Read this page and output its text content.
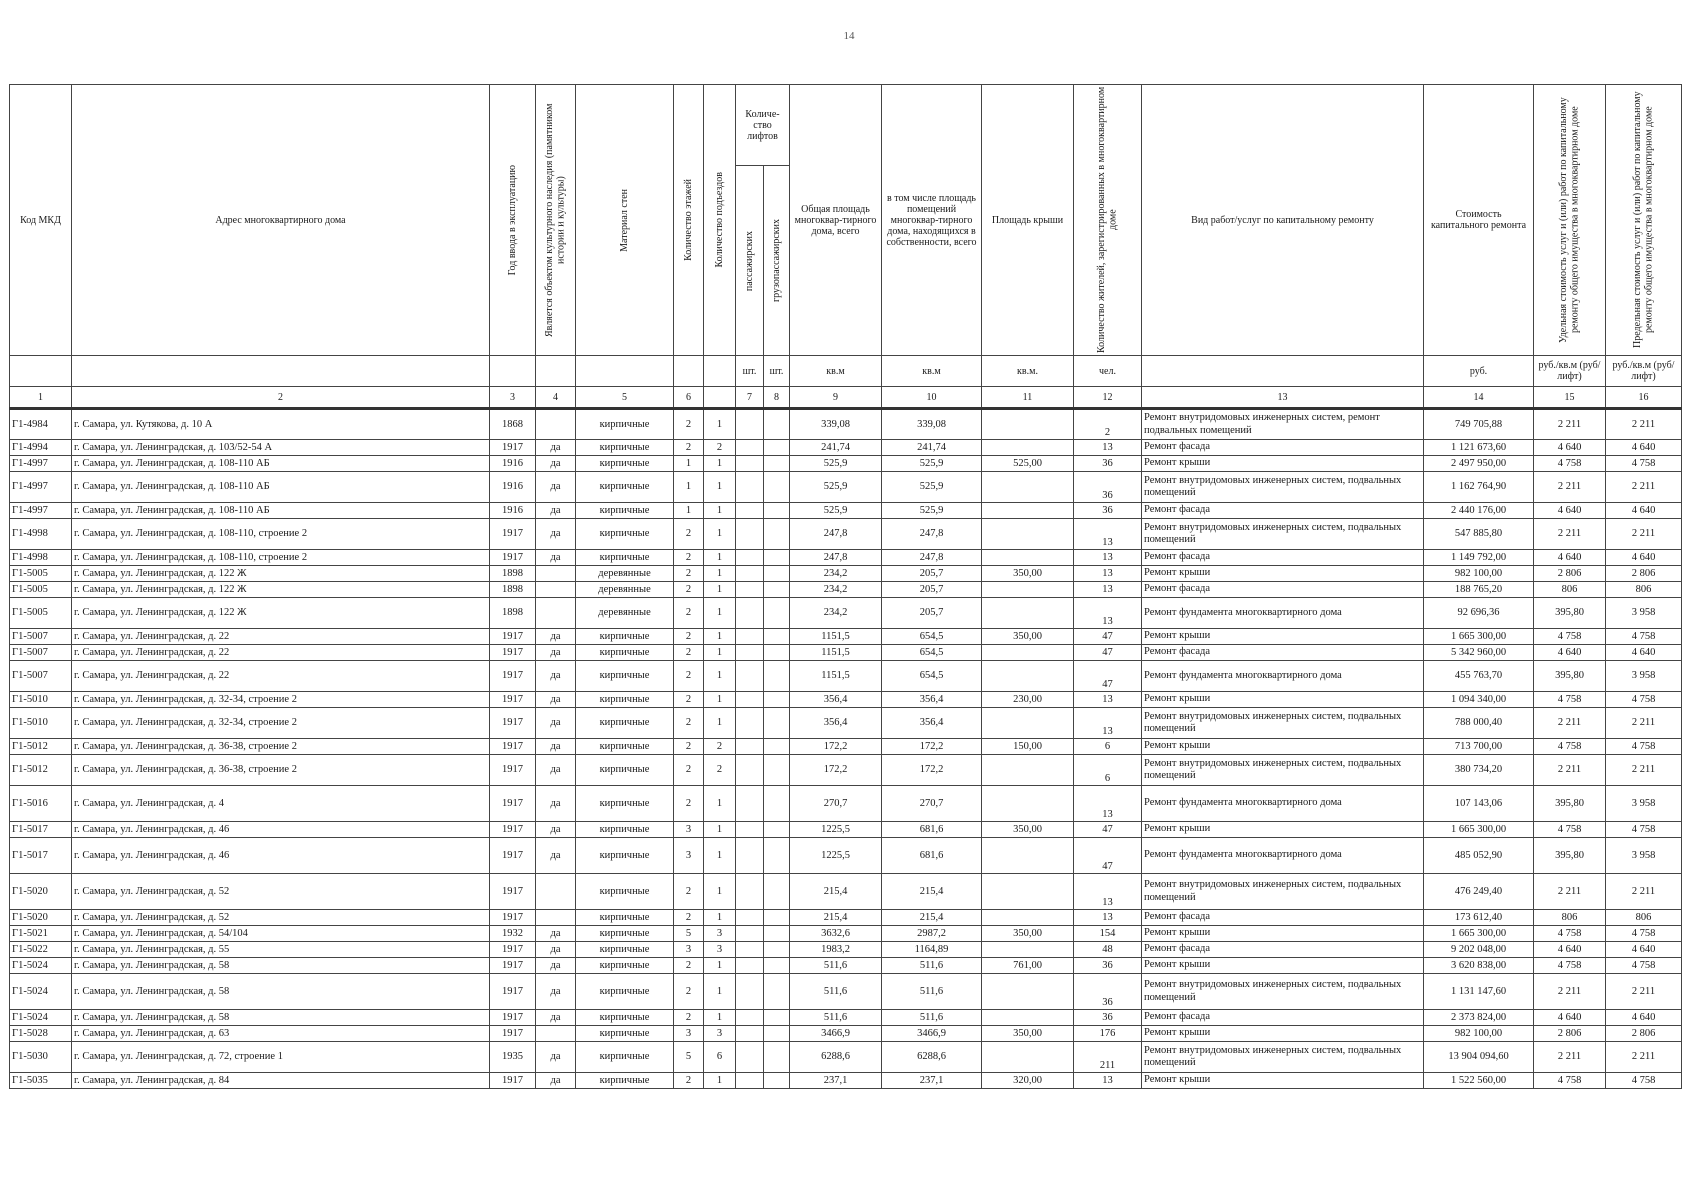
14
Код МКД	Адрес многоквартирного дома	Год ввода в эксплуатацию	Является объектом культурного наследия (памятником истории и культуры)	Материал стен	Количество этажей	Количество подъездов	Количе-ство лифтов		Общая площадь многоквар-тирного дома, всего	в том числе площадь помещений многоквар-тирного дома, находящихся в собственности, всего	Площадь крыши	Количество жителей, зарегистрированных в многоквартирном доме	Вид работ/услуг по капитальному ремонту	Стоимость капитального ремонта	Удельная стоимость услуг и (или) работ по капитальному ремонту общего имущества в многоквартирном доме	Предельная стоимость услуг и (или) работ по капитальному ремонту общего имущества в многоквартирном доме

							пассажирских	грузопассажирских								

							шт.	шт.	кв.м	кв.м	кв.м.	чел.		руб.	руб./кв.м (руб/лифт)	руб./кв.м (руб/лифт)
1	2	3	4	5	6		7	8	9	10	11	12	13	14	15	16
Г1-4984	г. Самара, ул. Кутякова, д. 10 А	1868		кирпичные	2	1			339,08	339,08		2	Ремонт внутридомовых инженерных систем, ремонт подвальных помещений	749 705,88	2 211	2 211
Г1-4994	г. Самара, ул. Ленинградская, д. 103/52-54 А	1917	да	кирпичные	2	2			241,74	241,74		13	Ремонт фасада	1 121 673,60	4 640	4 640
Г1-4997	г. Самара, ул. Ленинградская, д. 108-110 АБ	1916	да	кирпичные	1	1			525,9	525,9	525,00	36	Ремонт крыши	2 497 950,00	4 758	4 758
Г1-4997	г. Самара, ул. Ленинградская, д. 108-110 АБ	1916	да	кирпичные	1	1			525,9	525,9		36	Ремонт внутридомовых инженерных систем, подвальных помещений	1 162 764,90	2 211	2 211
Г1-4997	г. Самара, ул. Ленинградская, д. 108-110 АБ	1916	да	кирпичные	1	1			525,9	525,9		36	Ремонт фасада	2 440 176,00	4 640	4 640
Г1-4998	г. Самара, ул. Ленинградская, д. 108-110, строение 2	1917	да	кирпичные	2	1			247,8	247,8		13	Ремонт внутридомовых инженерных систем, подвальных помещений	547 885,80	2 211	2 211
Г1-4998	г. Самара, ул. Ленинградская, д. 108-110, строение 2	1917	да	кирпичные	2	1			247,8	247,8		13	Ремонт фасада	1 149 792,00	4 640	4 640
Г1-5005	г. Самара, ул. Ленинградская, д. 122 Ж	1898		деревянные	2	1			234,2	205,7	350,00	13	Ремонт крыши	982 100,00	2 806	2 806
Г1-5005	г. Самара, ул. Ленинградская, д. 122 Ж	1898		деревянные	2	1			234,2	205,7		13	Ремонт фасада	188 765,20	806	806
Г1-5005	г. Самара, ул. Ленинградская, д. 122 Ж	1898		деревянные	2	1			234,2	205,7		13	Ремонт фундамента многоквартирного дома	92 696,36	395,80	3 958
Г1-5007	г. Самара, ул. Ленинградская, д. 22	1917	да	кирпичные	2	1			1151,5	654,5	350,00	47	Ремонт крыши	1 665 300,00	4 758	4 758
Г1-5007	г. Самара, ул. Ленинградская, д. 22	1917	да	кирпичные	2	1			1151,5	654,5		47	Ремонт фасада	5 342 960,00	4 640	4 640
Г1-5007	г. Самара, ул. Ленинградская, д. 22	1917	да	кирпичные	2	1			1151,5	654,5		47	Ремонт фундамента многоквартирного дома	455 763,70	395,80	3 958
Г1-5010	г. Самара, ул. Ленинградская, д. 32-34, строение 2	1917	да	кирпичные	2	1			356,4	356,4	230,00	13	Ремонт крыши	1 094 340,00	4 758	4 758
Г1-5010	г. Самара, ул. Ленинградская, д. 32-34, строение 2	1917	да	кирпичные	2	1			356,4	356,4		13	Ремонт внутридомовых инженерных систем, подвальных помещений	788 000,40	2 211	2 211
Г1-5012	г. Самара, ул. Ленинградская, д. 36-38, строение 2	1917	да	кирпичные	2	2			172,2	172,2	150,00	6	Ремонт крыши	713 700,00	4 758	4 758
Г1-5012	г. Самара, ул. Ленинградская, д. 36-38, строение 2	1917	да	кирпичные	2	2			172,2	172,2		6	Ремонт внутридомовых инженерных систем, подвальных помещений	380 734,20	2 211	2 211
Г1-5016	г. Самара, ул. Ленинградская, д. 4	1917	да	кирпичные	2	1			270,7	270,7		13	Ремонт фундамента многоквартирного дома	107 143,06	395,80	3 958
Г1-5017	г. Самара, ул. Ленинградская, д. 46	1917	да	кирпичные	3	1			1225,5	681,6	350,00	47	Ремонт крыши	1 665 300,00	4 758	4 758
Г1-5017	г. Самара, ул. Ленинградская, д. 46	1917	да	кирпичные	3	1			1225,5	681,6		47	Ремонт фундамента многоквартирного дома	485 052,90	395,80	3 958
Г1-5020	г. Самара, ул. Ленинградская, д. 52	1917		кирпичные	2	1			215,4	215,4		13	Ремонт внутридомовых инженерных систем, подвальных помещений	476 249,40	2 211	2 211
Г1-5020	г. Самара, ул. Ленинградская, д. 52	1917		кирпичные	2	1			215,4	215,4		13	Ремонт фасада	173 612,40	806	806
Г1-5021	г. Самара, ул. Ленинградская, д. 54/104	1932	да	кирпичные	5	3			3632,6	2987,2	350,00	154	Ремонт крыши	1 665 300,00	4 758	4 758
Г1-5022	г. Самара, ул. Ленинградская, д. 55	1917	да	кирпичные	3	3			1983,2	1164,89		48	Ремонт фасада	9 202 048,00	4 640	4 640
Г1-5024	г. Самара, ул. Ленинградская, д. 58	1917	да	кирпичные	2	1			511,6	511,6	761,00	36	Ремонт крыши	3 620 838,00	4 758	4 758
Г1-5024	г. Самара, ул. Ленинградская, д. 58	1917	да	кирпичные	2	1			511,6	511,6		36	Ремонт внутридомовых инженерных систем, подвальных помещений	1 131 147,60	2 211	2 211
Г1-5024	г. Самара, ул. Ленинградская, д. 58	1917	да	кирпичные	2	1			511,6	511,6		36	Ремонт фасада	2 373 824,00	4 640	4 640
Г1-5028	г. Самара, ул. Ленинградская, д. 63	1917		кирпичные	3	3			3466,9	3466,9	350,00	176	Ремонт крыши	982 100,00	2 806	2 806
Г1-5030	г. Самара, ул. Ленинградская, д. 72, строение 1	1935	да	кирпичные	5	6			6288,6	6288,6		211	Ремонт внутридомовых инженерных систем, подвальных помещений	13 904 094,60	2 211	2 211
Г1-5035	г. Самара, ул. Ленинградская, д. 84	1917	да	кирпичные	2	1			237,1	237,1	320,00	13	Ремонт крыши	1 522 560,00	4 758	4 758
